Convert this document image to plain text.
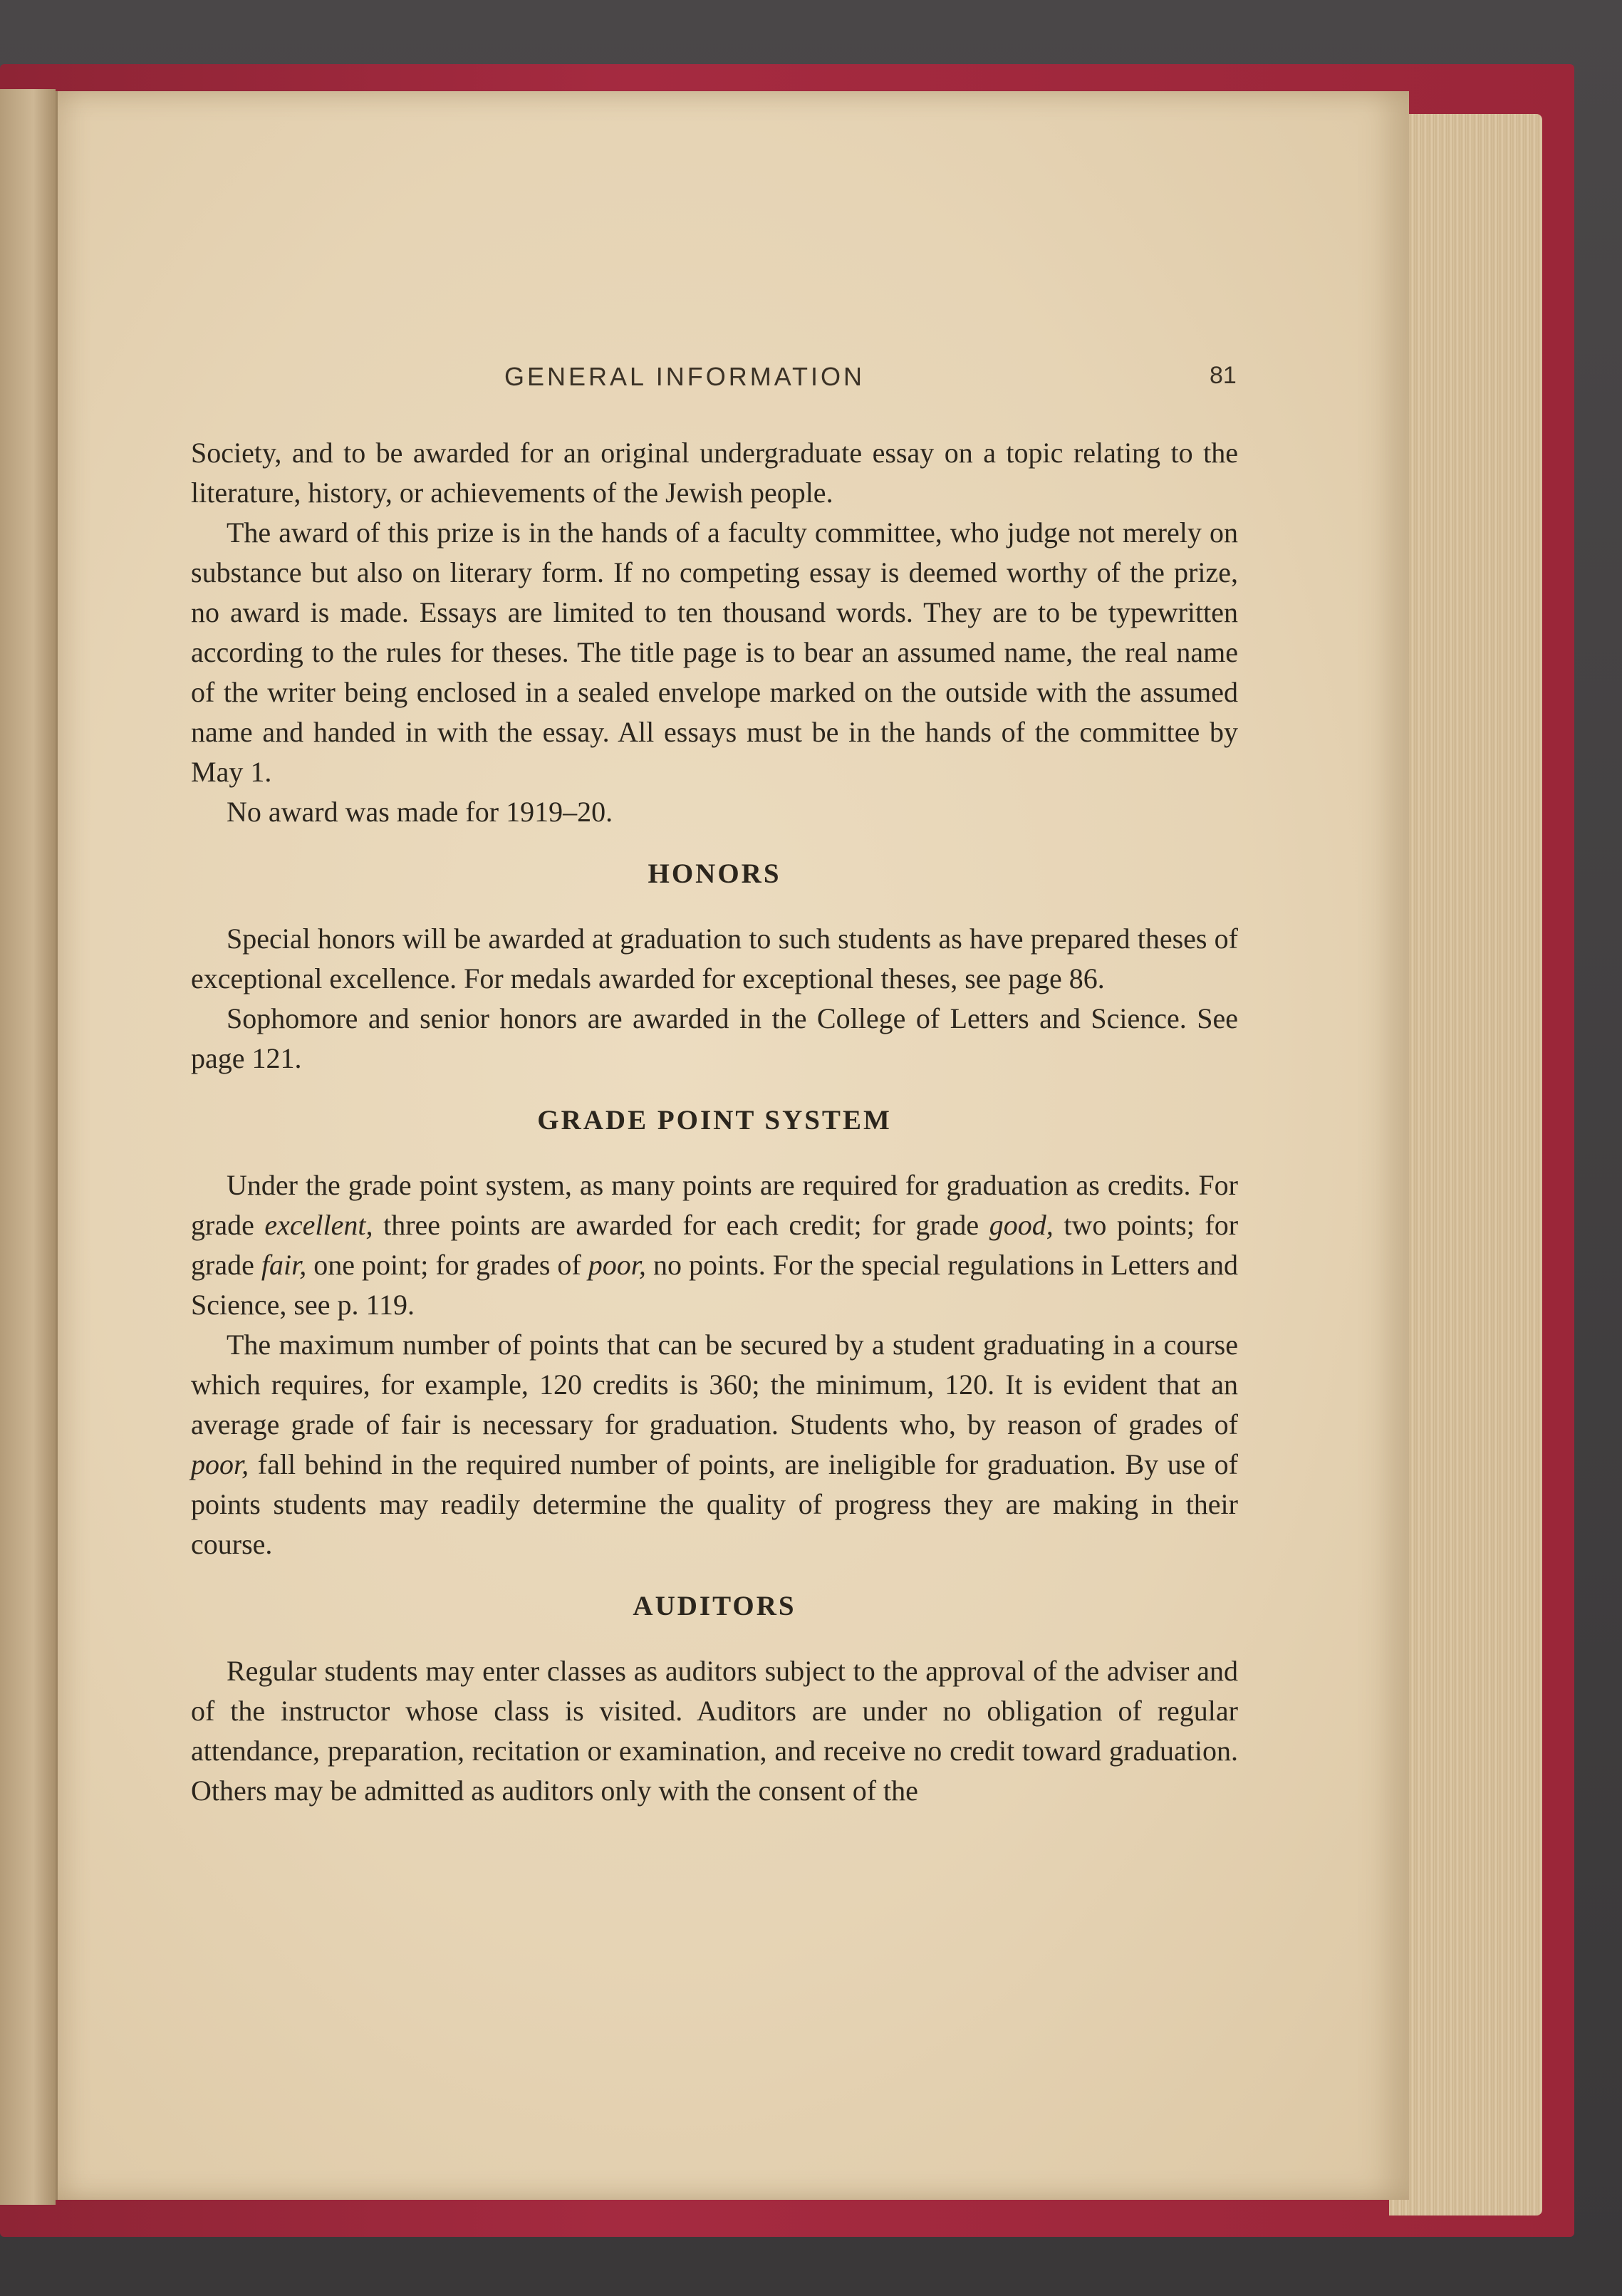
GENERAL INFORMATION	81

Society, and to be awarded for an original undergraduate essay on a topic relating to the literature, history, or achievements of the Jewish people.

The award of this prize is in the hands of a faculty committee, who judge not merely on substance but also on literary form. If no competing essay is deemed worthy of the prize, no award is made. Essays are limited to ten thousand words. They are to be typewritten according to the rules for theses. The title page is to bear an assumed name, the real name of the writer being enclosed in a sealed envelope marked on the outside with the assumed name and handed in with the essay. All essays must be in the hands of the committee by May 1.

No award was made for 1919–20.

HONORS

Special honors will be awarded at graduation to such students as have prepared theses of exceptional excellence. For medals awarded for exceptional theses, see page 86.

Sophomore and senior honors are awarded in the College of Letters and Science. See page 121.

GRADE POINT SYSTEM

Under the grade point system, as many points are required for graduation as credits. For grade excellent, three points are awarded for each credit; for grade good, two points; for grade fair, one point; for grades of poor, no points. For the special regulations in Letters and Science, see p. 119.

The maximum number of points that can be secured by a student graduating in a course which requires, for example, 120 credits is 360; the minimum, 120. It is evident that an average grade of fair is necessary for graduation. Students who, by reason of grades of poor, fall behind in the required number of points, are ineligible for graduation. By use of points students may readily determine the quality of progress they are making in their course.

AUDITORS

Regular students may enter classes as auditors subject to the approval of the adviser and of the instructor whose class is visited. Auditors are under no obligation of regular attendance, preparation, recitation or examination, and receive no credit toward graduation. Others may be admitted as auditors only with the consent of the
